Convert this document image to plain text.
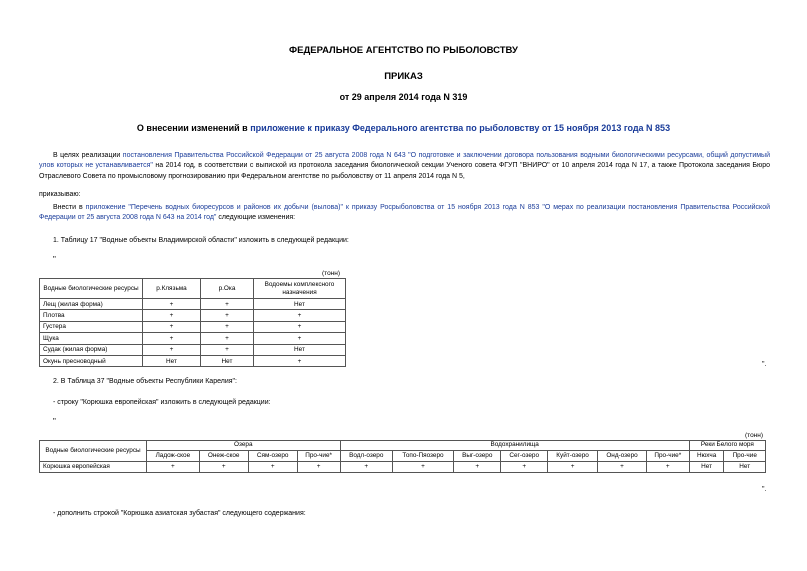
ФЕДЕРАЛЬНОЕ АГЕНТСТВО ПО РЫБОЛОВСТВУ
ПРИКАЗ
от 29 апреля 2014 года N 319
О внесении изменений в приложение к приказу Федерального агентства по рыболовству от 15 ноября 2013 года N 853
В целях реализации постановления Правительства Российской Федерации от 25 августа 2008 года N 643 "О подготовке и заключении договора пользования водными биологическими ресурсами, общий допустимый улов которых не устанавливается" на 2014 год, в соответствии с выпиской из протокола заседания биологической секции Ученого совета ФГУП "ВНИРО" от 10 апреля 2014 года N 17, а также Протокола заседания Бюро Отраслевого Совета по промысловому прогнозированию при Федеральном агентстве по рыболовству от 11 апреля 2014 года N 5,
приказываю:
Внести в приложение "Перечень водных биоресурсов и районов их добычи (вылова)" к приказу Росрыболовства от 15 ноября 2013 года N 853 "О мерах по реализации постановления Правительства Российской Федерации от 25 августа 2008 года N 643 на 2014 год" следующие изменения:
1. Таблицу 17 "Водные объекты Владимирской области" изложить в следующей редакции:
"
(тонн)
Водные биологические ресурсы	р.Клязьма	р.Ока	Водоемы комплексного назначения
Лещ (жилая форма)	+	+	Нет
Плотва	+	+	+
Густера	+	+	+
Щука	+	+	+
Судак (жилая форма)	+	+	Нет
Окунь пресноводный	Нет	Нет	+	".
2. В Таблица 37 "Водные объекты Республики Карелия":
- строку "Корюшка европейская" изложить в следующей редакции:
"
(тонн)
Водные биологические ресурсы	Озера				Водохранилища							Реки Белого моря	
	Ладож-ское	Онеж-ское	Сям-озеро	Про-чие*	Водл-озеро	Топо-Пяозеро	Выг-озеро	Сег-озеро	Куйт-озеро	Онд-озеро	Про-чие*	Нюхча	Про-чие
Корюшка европейская	+	+	+	+	+	+	+	+	+	+	+	Нет	Нет
".
- дополнить строкой "Корюшка азиатская зубастая" следующего содержания:
